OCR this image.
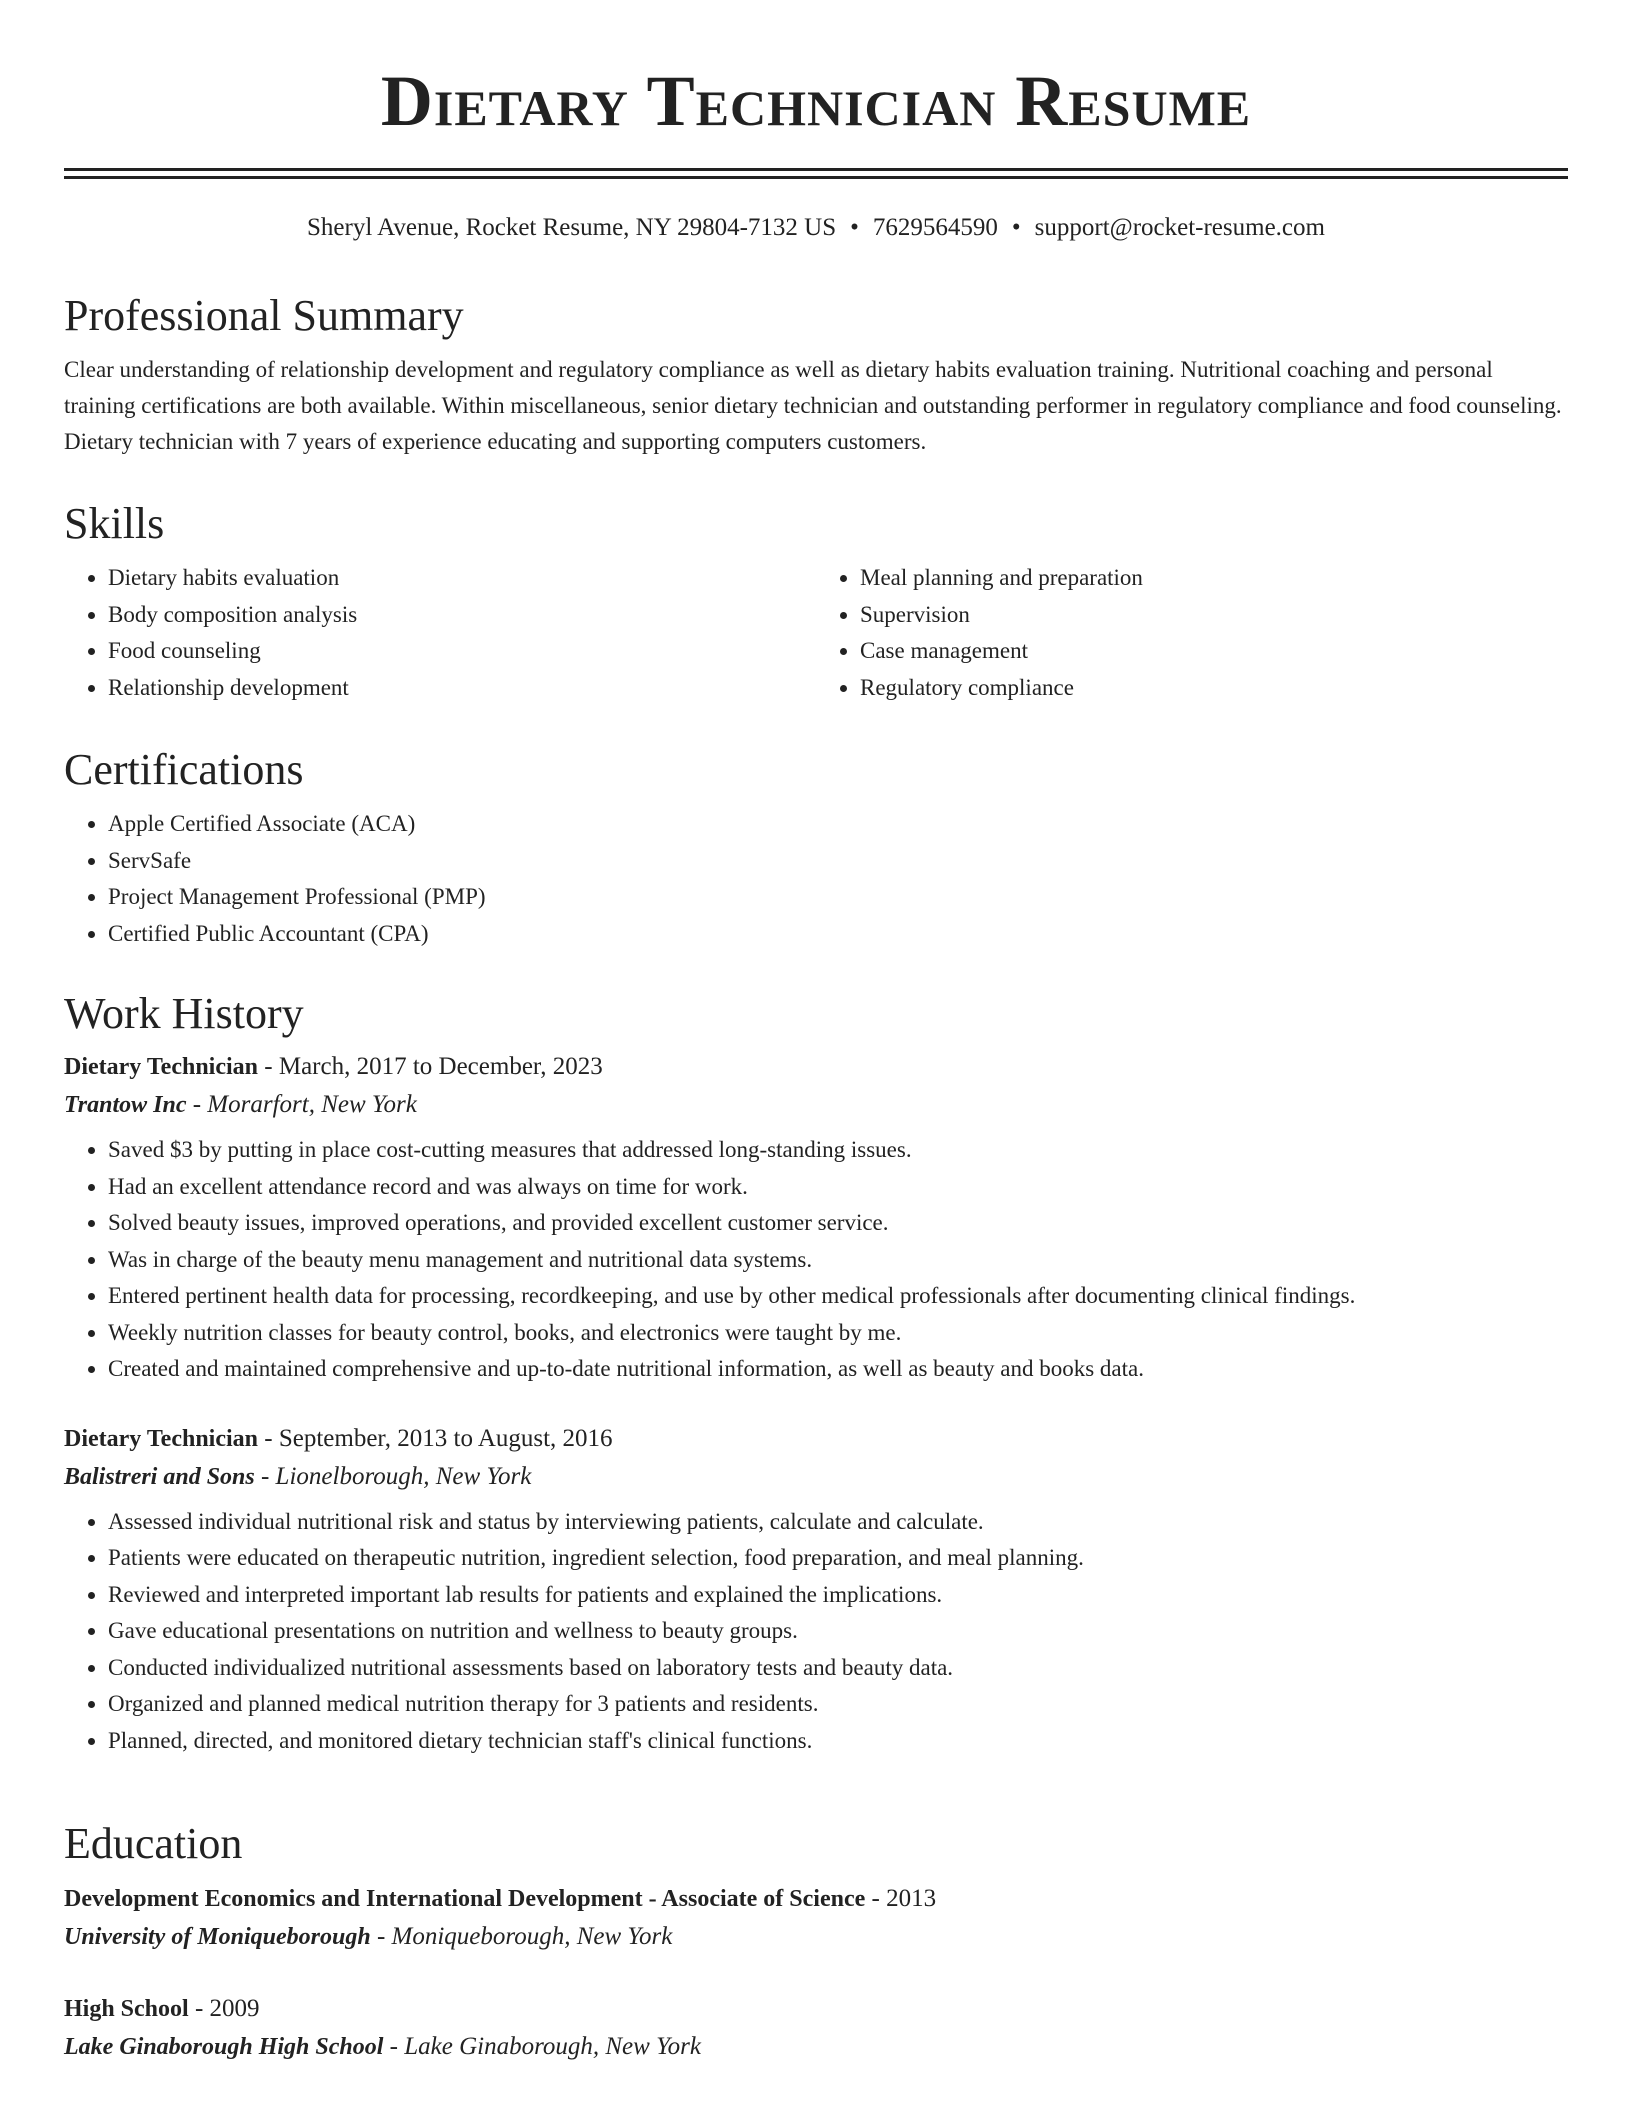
Dietary Technician Resume
Sheryl Avenue, Rocket Resume, NY 29804-7132 US • 7629564590 • support@rocket-resume.com
Professional Summary

Clear understanding of relationship development and regulatory compliance as well as dietary habits evaluation training. Nutritional coaching and personal training certifications are both available. Within miscellaneous, senior dietary technician and outstanding performer in regulatory compliance and food counseling. Dietary technician with 7 years of experience educating and supporting computers customers.

Skills
• Dietary habits evaluation
• Body composition analysis
• Food counseling
• Relationship development
• Meal planning and preparation
• Supervision
• Case management
• Regulatory compliance
Certifications
• Apple Certified Associate (ACA)
• ServSafe
• Project Management Professional (PMP)
• Certified Public Accountant (CPA)
Work History
Dietary Technician - March, 2017 to December, 2023
Trantow Inc - Morarfort, New York
• Saved $3 by putting in place cost-cutting measures that addressed long-standing issues.
• Had an excellent attendance record and was always on time for work.
• Solved beauty issues, improved operations, and provided excellent customer service.
• Was in charge of the beauty menu management and nutritional data systems.
• Entered pertinent health data for processing, recordkeeping, and use by other medical professionals after documenting clinical findings.
• Weekly nutrition classes for beauty control, books, and electronics were taught by me.
• Created and maintained comprehensive and up-to-date nutritional information, as well as beauty and books data.
Dietary Technician - September, 2013 to August, 2016
Balistreri and Sons - Lionelborough, New York
• Assessed individual nutritional risk and status by interviewing patients, calculate and calculate.
• Patients were educated on therapeutic nutrition, ingredient selection, food preparation, and meal planning.
• Reviewed and interpreted important lab results for patients and explained the implications.
• Gave educational presentations on nutrition and wellness to beauty groups.
• Conducted individualized nutritional assessments based on laboratory tests and beauty data.
• Organized and planned medical nutrition therapy for 3 patients and residents.
• Planned, directed, and monitored dietary technician staff's clinical functions.
Education
Development Economics and International Development - Associate of Science - 2013
University of Moniqueborough - Moniqueborough, New York
High School - 2009
Lake Ginaborough High School - Lake Ginaborough, New York
